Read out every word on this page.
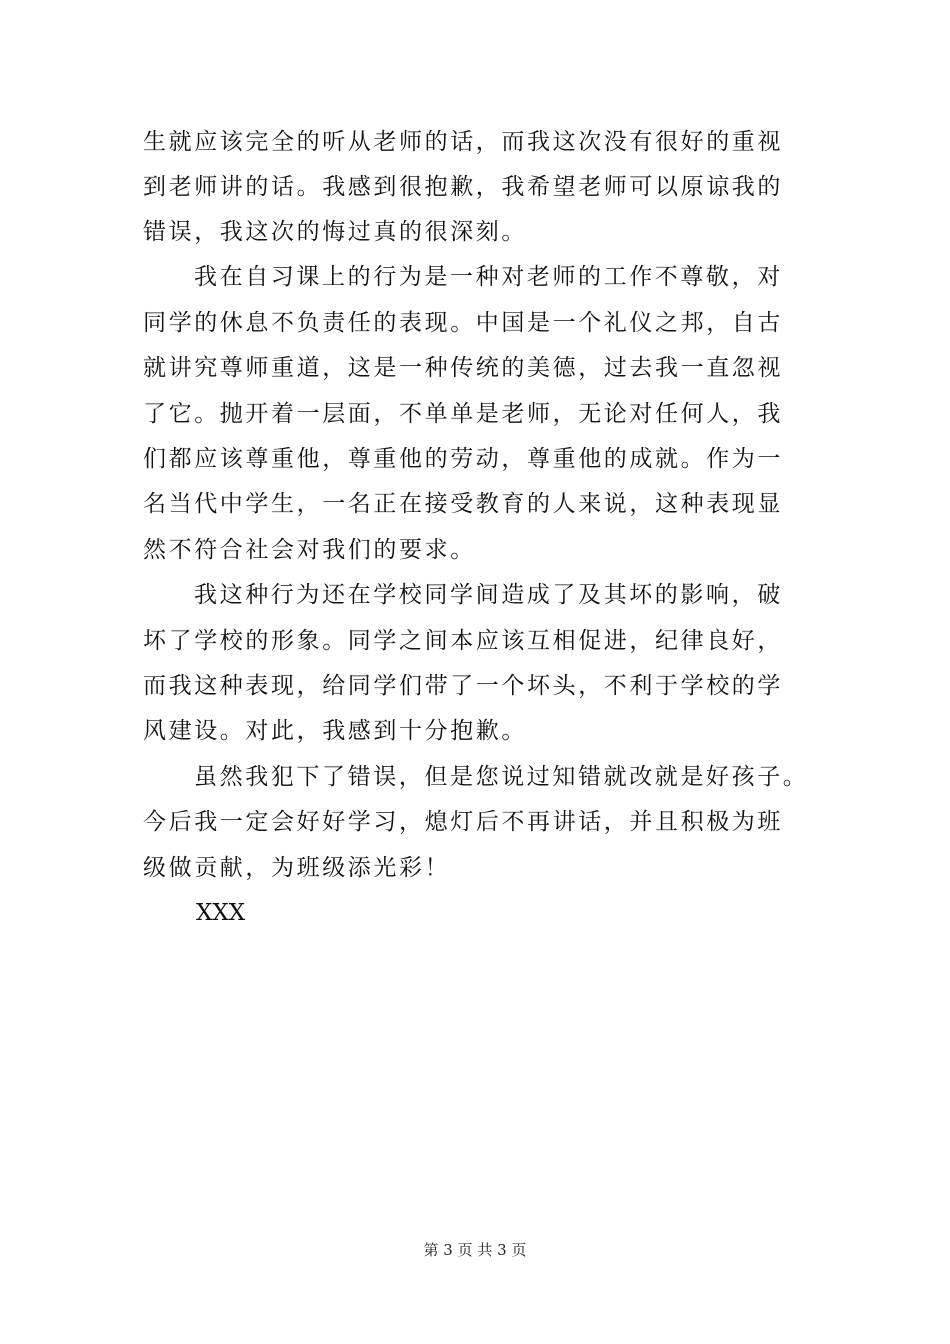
生就应该完全的听从老师的话，而我这次没有很好的重视
到老师讲的话。我感到很抱歉，我希望老师可以原谅我的
错误，我这次的悔过真的很深刻。
我在自习课上的行为是一种对老师的工作不尊敬，对
同学的休息不负责任的表现。中国是一个礼仪之邦，自古
就讲究尊师重道，这是一种传统的美德，过去我一直忽视
了它。抛开着一层面，不单单是老师，无论对任何人，我
们都应该尊重他，尊重他的劳动，尊重他的成就。作为一
名当代中学生，一名正在接受教育的人来说，这种表现显
然不符合社会对我们的要求。
我这种行为还在学校同学间造成了及其坏的影响，破
坏了学校的形象。同学之间本应该互相促进，纪律良好，
而我这种表现，给同学们带了一个坏头，不利于学校的学
风建设。对此，我感到十分抱歉。
虽然我犯下了错误，但是您说过知错就改就是好孩子。
今后我一定会好好学习，熄灯后不再讲话，并且积极为班
级做贡献，为班级添光彩！
XXX
第 3 页 共 3 页
